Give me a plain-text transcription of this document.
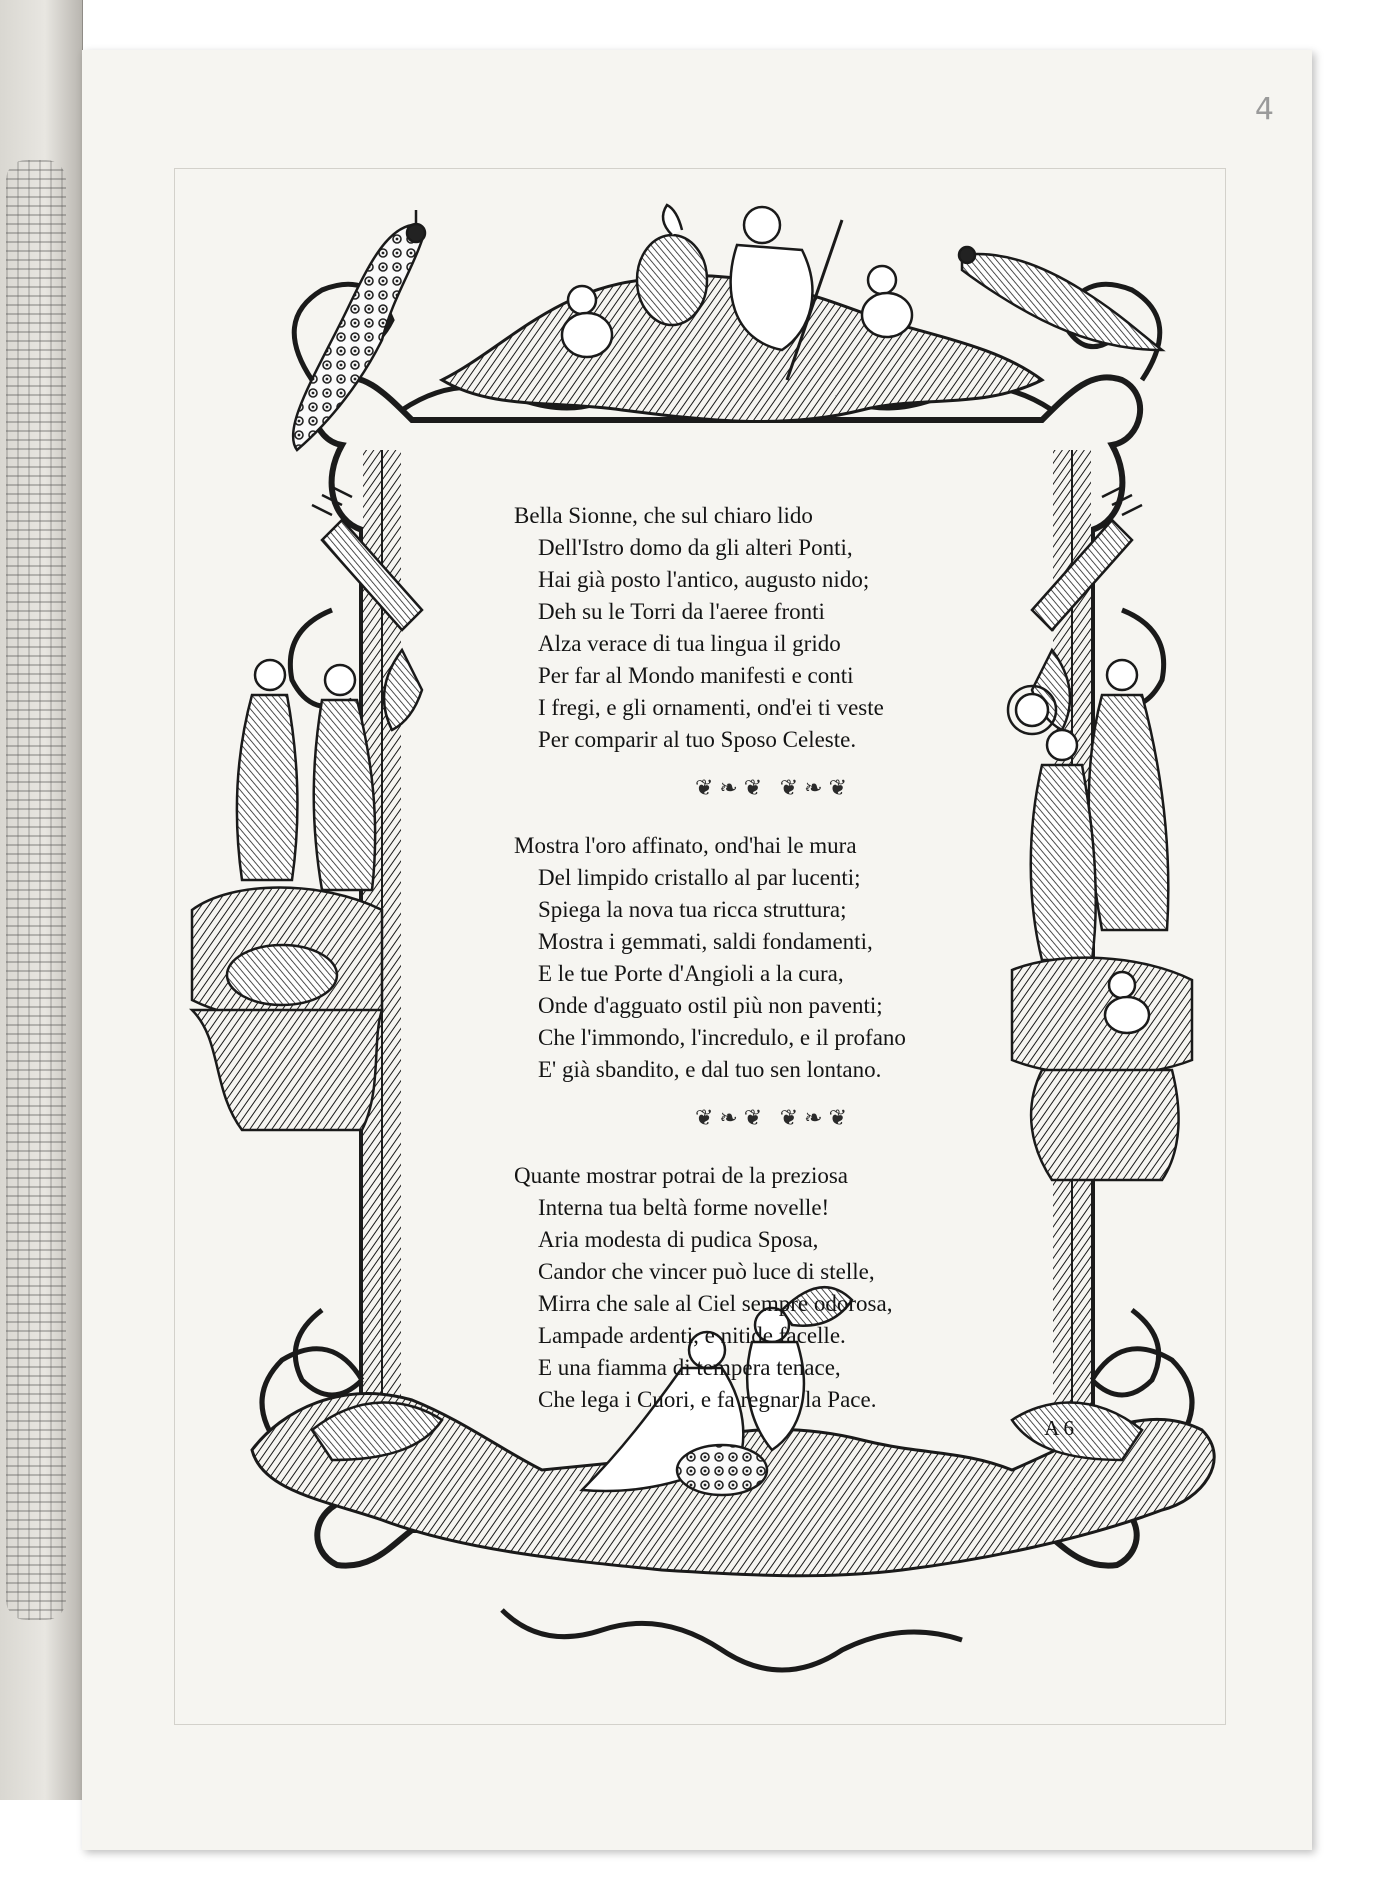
4

Bella Sionne, che sul chiaro lido
Dell'Istro domo da gli alteri Ponti,
Hai già posto l'antico, augusto nido;
Deh su le Torri da l'aeree fronti
Alza verace di tua lingua il grido
Per far al Mondo manifesti e conti
I fregi, e gli ornamenti, ond'ei ti veste
Per comparir al tuo Sposo Celeste.

❦❧❦ ❦❧❦

Mostra l'oro affinato, ond'hai le mura
Del limpido cristallo al par lucenti;
Spiega la nova tua ricca struttura;
Mostra i gemmati, saldi fondamenti,
E le tue Porte d'Angioli a la cura,
Onde d'agguato ostil più non paventi;
Che l'immondo, l'incredulo, e il profano
E' già sbandito, e dal tuo sen lontano.

❦❧❦ ❦❧❦

Quante mostrar potrai de la preziosa
Interna tua beltà forme novelle!
Aria modesta di pudica Sposa,
Candor che vincer può luce di stelle,
Mirra che sale al Ciel sempre odorosa,
Lampade ardenti, e nitide facelle.
E una fiamma di tempera tenace,
Che lega i Cuori, e fa regnar la Pace.

A 6
